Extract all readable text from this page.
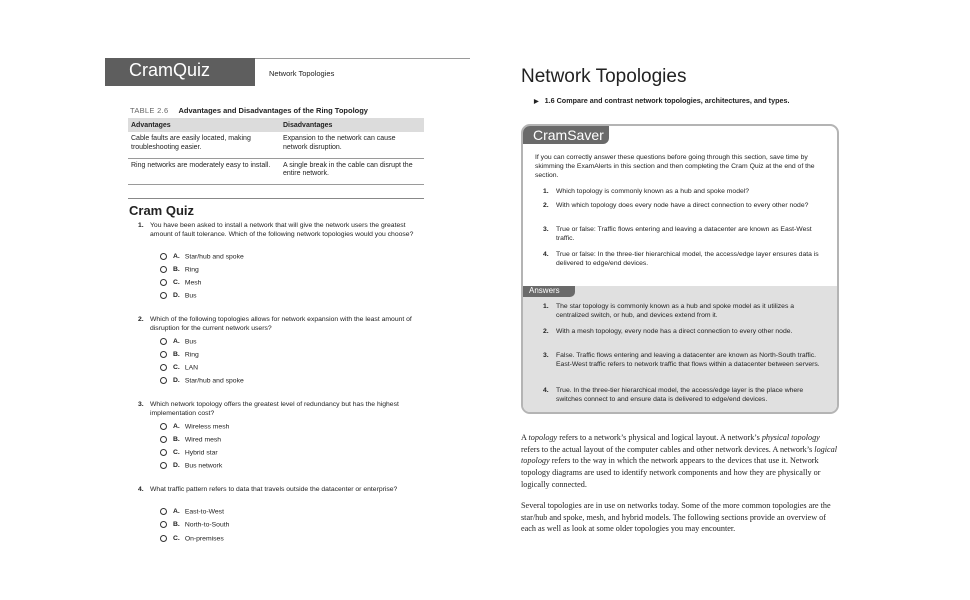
CramQuiz	Network Topologies
TABLE 2.6 Advantages and Disadvantages of the Ring Topology
Advantages	Disadvantages
Cable faults are easily located, making troubleshooting easier.	Expansion to the network can cause network disruption.
Ring networks are moderately easy to install.	A single break in the cable can disrupt the entire network.
Cram Quiz
1. You have been asked to install a network that will give the network users the greatest amount of fault tolerance. Which of the following network topologies would you choose?
A. Star/hub and spoke
B. Ring
C. Mesh
D. Bus
2. Which of the following topologies allows for network expansion with the least amount of disruption for the current network users?
A. Bus
B. Ring
C. LAN
D. Star/hub and spoke
3. Which network topology offers the greatest level of redundancy but has the highest implementation cost?
A. Wireless mesh
B. Wired mesh
C. Hybrid star
D. Bus network
4. What traffic pattern refers to data that travels outside the datacenter or enterprise?
A. East-to-West
B. North-to-South
C. On-premises
Network Topologies
▶ 1.6 Compare and contrast network topologies, architectures, and types.
CramSaver
If you can correctly answer these questions before going through this section, save time by skimming the ExamAlerts in this section and then completing the Cram Quiz at the end of the section.
1. Which topology is commonly known as a hub and spoke model?
2. With which topology does every node have a direct connection to every other node?
3. True or false: Traffic flows entering and leaving a datacenter are known as East-West traffic.
4. True or false: In the three-tier hierarchical model, the access/edge layer ensures data is delivered to edge/end devices.
Answers
1. The star topology is commonly known as a hub and spoke model as it utilizes a centralized switch, or hub, and devices extend from it.
2. With a mesh topology, every node has a direct connection to every other node.
3. False. Traffic flows entering and leaving a datacenter are known as North-South traffic. East-West traffic refers to network traffic that flows within a datacenter between servers.
4. True. In the three-tier hierarchical model, the access/edge layer is the place where switches connect to and ensure data is delivered to edge/end devices.
A topology refers to a network’s physical and logical layout. A network’s physical topology refers to the actual layout of the computer cables and other network devices. A network’s logical topology refers to the way in which the network appears to the devices that use it. Network topology diagrams are used to identify network components and how they are physically or logically connected.
Several topologies are in use on networks today. Some of the more common topologies are the star/hub and spoke, mesh, and hybrid models. The following sections provide an overview of each as well as look at some older topologies you may encounter.
